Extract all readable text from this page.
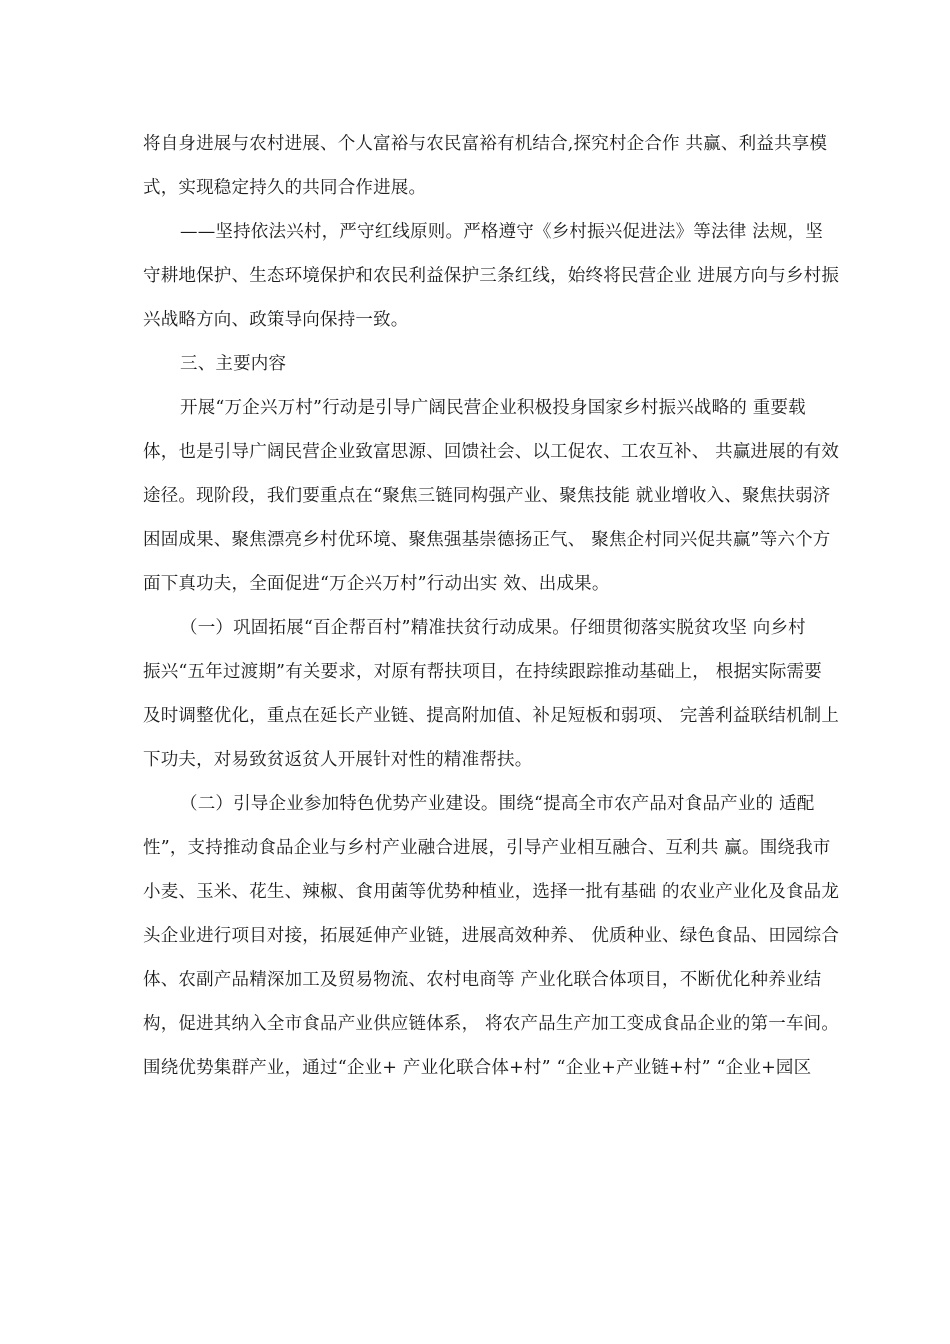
将自身进展与农村进展、个人富裕与农民富裕有机结合,探究村企合作 共赢、利益共享模
式，实现稳定持久的共同合作进展。
——坚持依法兴村，严守红线原则。严格遵守《乡村振兴促进法》等法律 法规，坚
守耕地保护、生态环境保护和农民利益保护三条红线，始终将民营企业 进展方向与乡村振
兴战略方向、政策导向保持一致。
三、主要内容
开展“万企兴万村”行动是引导广阔民营企业积极投身国家乡村振兴战略的 重要载
体，也是引导广阔民营企业致富思源、回馈社会、以工促农、工农互补、 共赢进展的有效
途径。现阶段，我们要重点在“聚焦三链同构强产业、聚焦技能 就业增收入、聚焦扶弱济
困固成果、聚焦漂亮乡村优环境、聚焦强基崇德扬正气、 聚焦企村同兴促共赢”等六个方
面下真功夫，全面促进“万企兴万村”行动出实 效、出成果。
（一）巩固拓展“百企帮百村”精准扶贫行动成果。仔细贯彻落实脱贫攻坚 向乡村
振兴“五年过渡期”有关要求，对原有帮扶项目，在持续跟踪推动基础上， 根据实际需要
及时调整优化，重点在延长产业链、提高附加值、补足短板和弱项、 完善利益联结机制上
下功夫，对易致贫返贫人开展针对性的精准帮扶。
（二）引导企业参加特色优势产业建设。围绕“提高全市农产品对食品产业的 适配
性”，支持推动食品企业与乡村产业融合进展，引导产业相互融合、互利共 赢。围绕我市
小麦、玉米、花生、辣椒、食用菌等优势种植业，选择一批有基础 的农业产业化及食品龙
头企业进行项目对接，拓展延伸产业链，进展高效种养、 优质种业、绿色食品、田园综合
体、农副产品精深加工及贸易物流、农村电商等 产业化联合体项目，不断优化种养业结
构，促进其纳入全市食品产业供应链体系， 将农产品生产加工变成食品企业的第一车间。
围绕优势集群产业，通过“企业+ 产业化联合体+村” “企业+产业链+村” “企业+园区
